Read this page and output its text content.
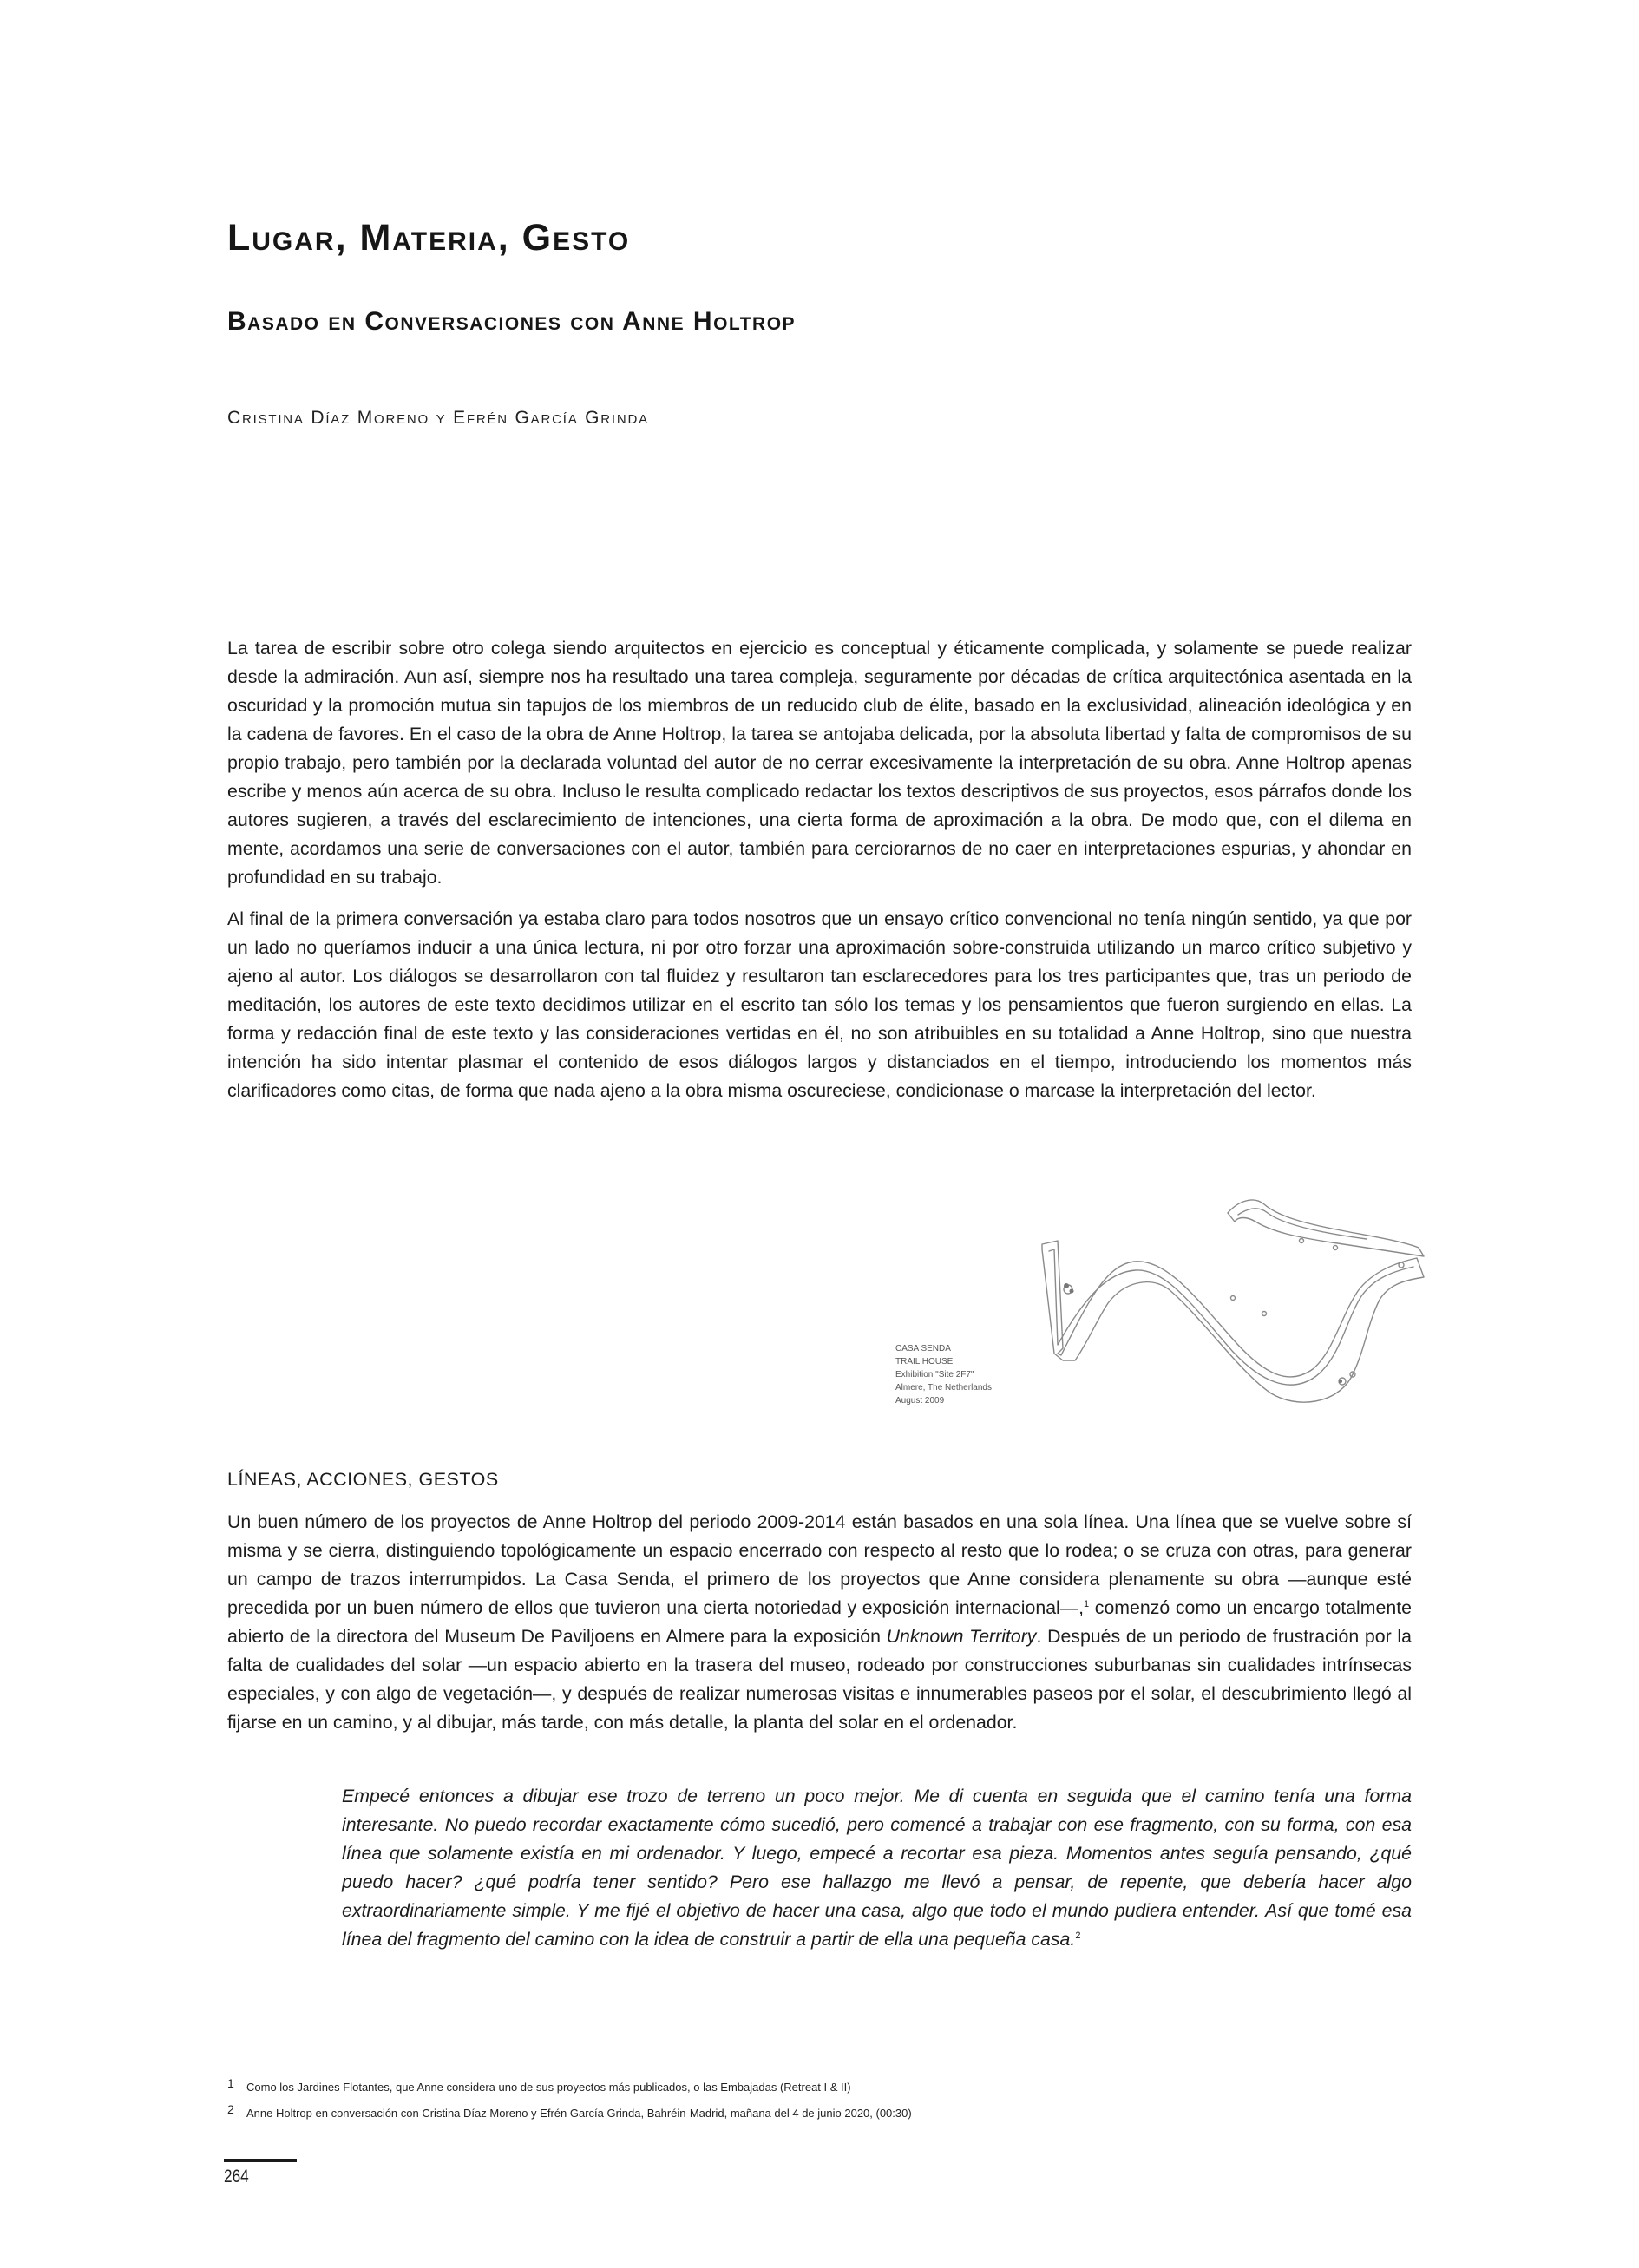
Lugar, Materia, Gesto
Basado en Conversaciones con Anne Holtrop
Cristina Díaz Moreno y Efrén García Grinda

La tarea de escribir sobre otro colega siendo arquitectos en ejercicio es conceptual y éticamente complicada, y solamente se puede realizar desde la admiración. Aun así, siempre nos ha resultado una tarea compleja, seguramente por décadas de crítica arquitectónica asentada en la oscuridad y la promoción mutua sin tapujos de los miembros de un reducido club de élite, basado en la exclusividad, alineación ideológica y en la cadena de favores. En el caso de la obra de Anne Holtrop, la tarea se antojaba delicada, por la absoluta libertad y falta de compromisos de su propio trabajo, pero también por la declarada voluntad del autor de no cerrar excesivamente la interpretación de su obra. Anne Holtrop apenas escribe y menos aún acerca de su obra. Incluso le resulta complicado redactar los textos descriptivos de sus proyectos, esos párrafos donde los autores sugieren, a través del esclarecimiento de intenciones, una cierta forma de aproximación a la obra. De modo que, con el dilema en mente, acordamos una serie de conversaciones con el autor, también para cerciorarnos de no caer en interpretaciones espurias, y ahondar en profundidad en su trabajo.

Al final de la primera conversación ya estaba claro para todos nosotros que un ensayo crítico convencional no tenía ningún sentido, ya que por un lado no queríamos inducir a una única lectura, ni por otro forzar una aproximación sobre-construida utilizando un marco crítico subjetivo y ajeno al autor. Los diálogos se desarrollaron con tal fluidez y resultaron tan esclarecedores para los tres participantes que, tras un periodo de meditación, los autores de este texto decidimos utilizar en el escrito tan sólo los temas y los pensamientos que fueron surgiendo en ellas. La forma y redacción final de este texto y las consideraciones vertidas en él, no son atribuibles en su totalidad a Anne Holtrop, sino que nuestra intención ha sido intentar plasmar el contenido de esos diálogos largos y distanciados en el tiempo, introduciendo los momentos más clarificadores como citas, de forma que nada ajeno a la obra misma oscureciese, condicionase o marcase la interpretación del lector.

CASA SENDA
TRAIL HOUSE
Exhibition "Site 2F7"
Almere, The Netherlands
August 2009
LÍNEAS, ACCIONES, GESTOS

Un buen número de los proyectos de Anne Holtrop del periodo 2009-2014 están basados en una sola línea. Una línea que se vuelve sobre sí misma y se cierra, distinguiendo topológicamente un espacio encerrado con respecto al resto que lo rodea; o se cruza con otras, para generar un campo de trazos interrumpidos. La Casa Senda, el primero de los proyectos que Anne considera plenamente su obra —aunque esté precedida por un buen número de ellos que tuvieron una cierta notoriedad y exposición internacional—,$^1$ comenzó como un encargo totalmente abierto de la directora del Museum De Paviljoens en Almere para la exposición Unknown Territory. Después de un periodo de frustración por la falta de cualidades del solar —un espacio abierto en la trasera del museo, rodeado por construcciones suburbanas sin cualidades intrínsecas especiales, y con algo de vegetación—, y después de realizar numerosas visitas e innumerables paseos por el solar, el descubrimiento llegó al fijarse en un camino, y al dibujar, más tarde, con más detalle, la planta del solar en el ordenador.

Empecé entonces a dibujar ese trozo de terreno un poco mejor. Me di cuenta en seguida que el camino tenía una forma interesante. No puedo recordar exactamente cómo sucedió, pero comencé a trabajar con ese fragmento, con su forma, con esa línea que solamente existía en mi ordenador. Y luego, empecé a recortar esa pieza. Momentos antes seguía pensando, ¿qué puedo hacer? ¿qué podría tener sentido? Pero ese hallazgo me llevó a pensar, de repente, que debería hacer algo extraordinariamente simple. Y me fijé el objetivo de hacer una casa, algo que todo el mundo pudiera entender. Así que tomé esa línea del fragmento del camino con la idea de construir a partir de ella una pequeña casa.$^2$
1 Como los Jardines Flotantes, que Anne considera uno de sus proyectos más publicados, o las Embajadas (Retreat I & II)
2 Anne Holtrop en conversación con Cristina Díaz Moreno y Efrén García Grinda, Bahréin-Madrid, mañana del 4 de junio 2020, (00:30)
264
